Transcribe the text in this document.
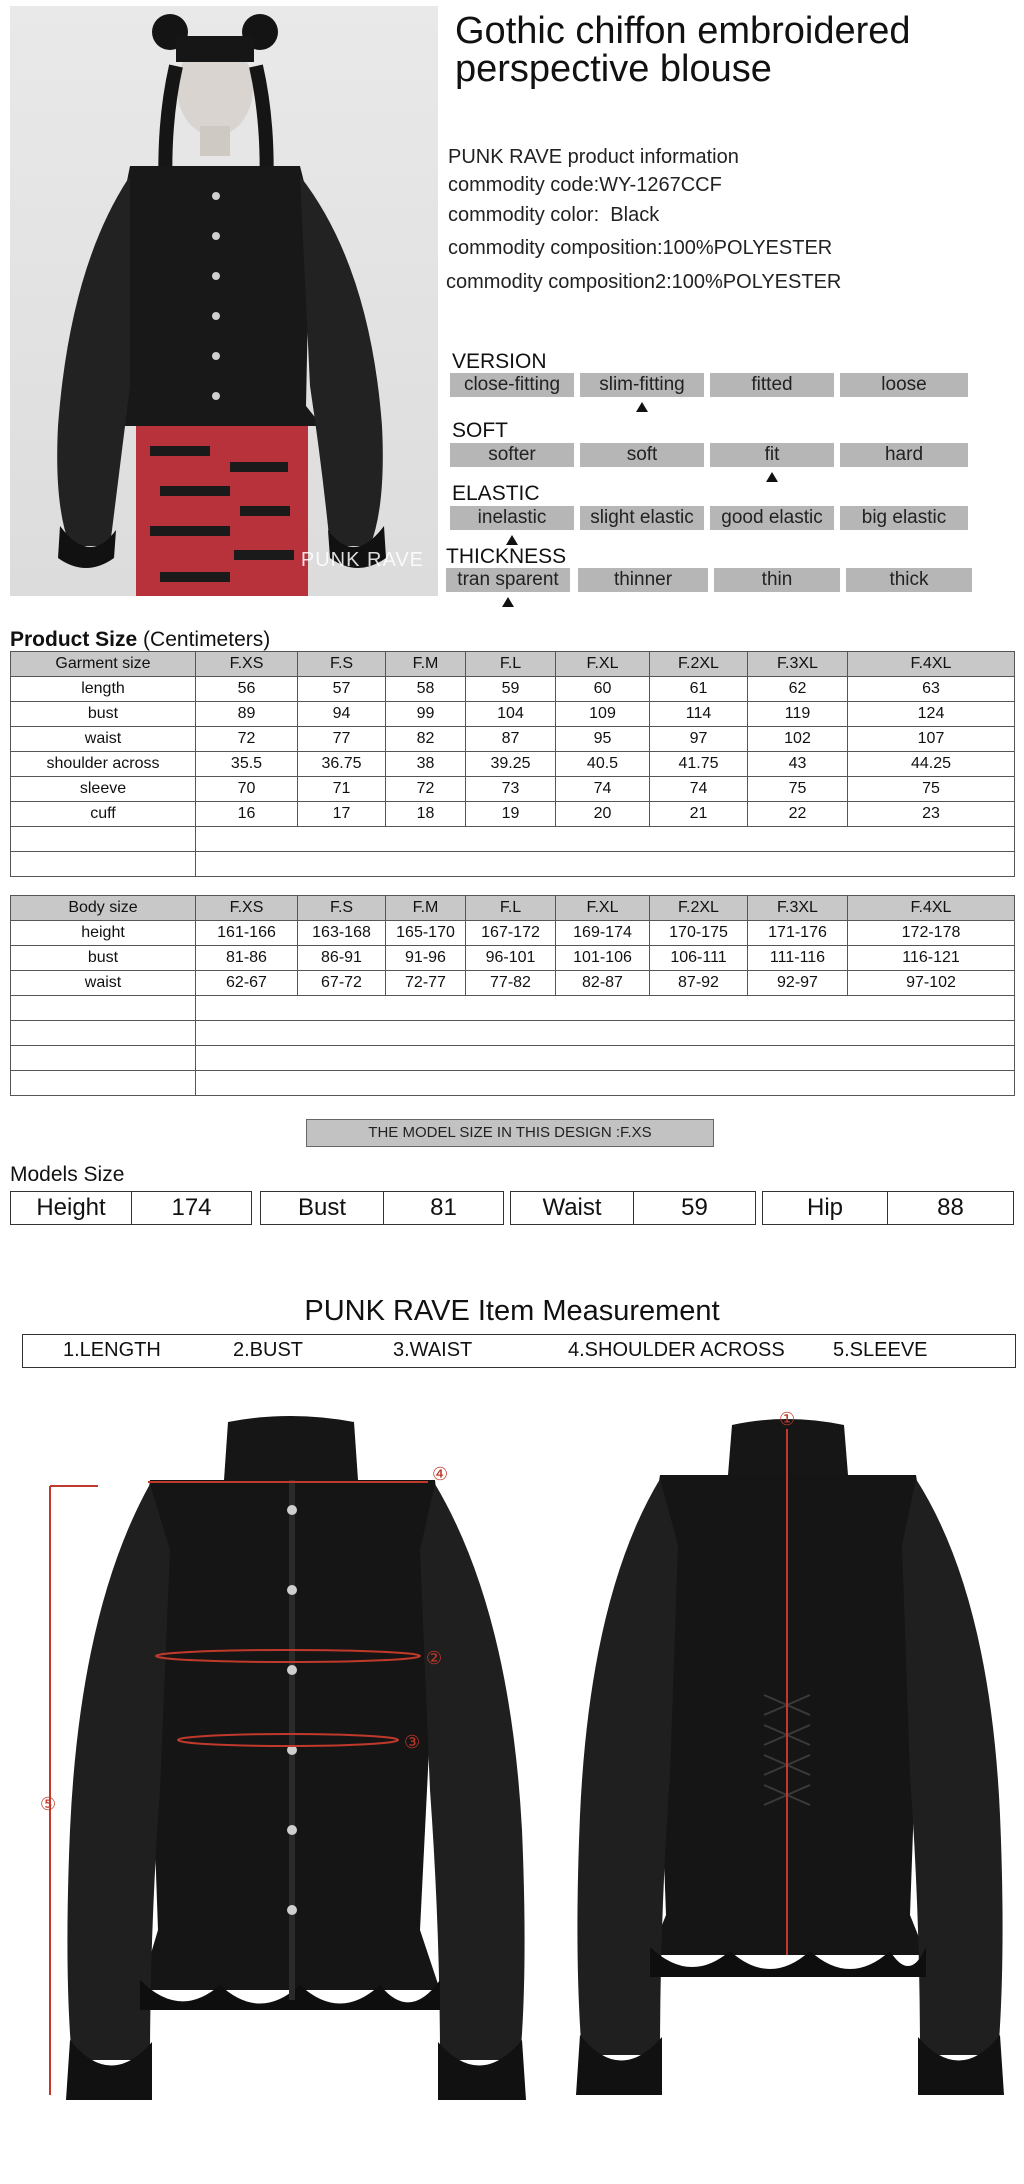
PUNK RAVE
Gothic chiffon embroidered perspective blouse
PUNK RAVE product information
commodity code:WY-1267CCF
commodity color: Black
commodity composition:100%POLYESTER
commodity composition2:100%POLYESTER
VERSION
close-fitting	slim-fitting	fitted	loose
SOFT
softer	soft	fit	hard
ELASTIC
inelastic	slight elastic	good elastic	big elastic
THICKNESS
tran sparent	thinner	thin	thick
Product Size (Centimeters)
Garment size	F.XS	F.S	F.M	F.L	F.XL	F.2XL	F.3XL	F.4XL
length	56	57	58	59	60	61	62	63
bust	89	94	99	104	109	114	119	124
waist	72	77	82	87	95	97	102	107
shoulder across	35.5	36.75	38	39.25	40.5	41.75	43	44.25
sleeve	70	71	72	73	74	74	75	75
cuff	16	17	18	19	20	21	22	23

Body size	F.XS	F.S	F.M	F.L	F.XL	F.2XL	F.3XL	F.4XL
height	161-166	163-168	165-170	167-172	169-174	170-175	171-176	172-178
bust	81-86	86-91	91-96	96-101	101-106	106-111	111-116	116-121
waist	62-67	67-72	72-77	77-82	82-87	87-92	92-97	97-102

THE MODEL SIZE IN THIS DESIGN :F.XS
Models Size
Height	174	Bust	81	Waist	59	Hip	88
PUNK RAVE Item Measurement
1.LENGTH	2.BUST	3.WAIST	4.SHOULDER ACROSS 5.SLEEVE
④
②
③
⑤
①
